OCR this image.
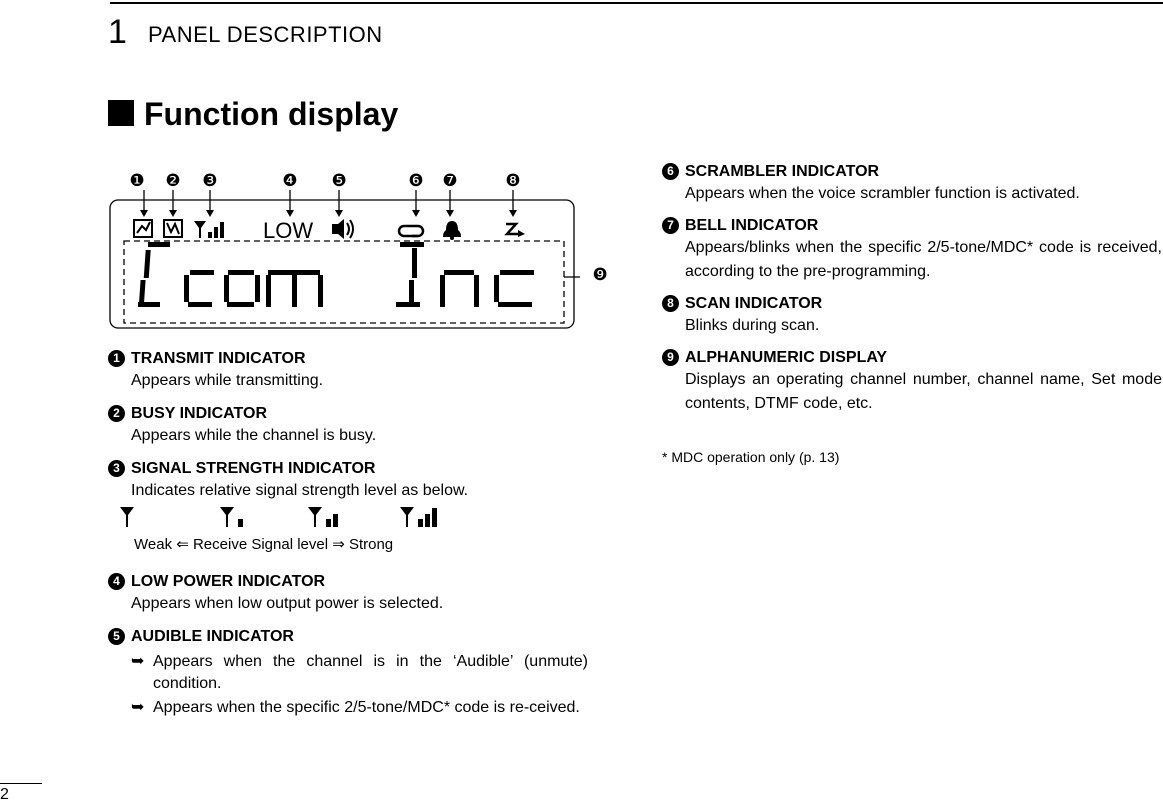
1 PANEL DESCRIPTION
Function display
❶ ❷ ❸	❹ ❺	❻ ❼	❽
❾
LOW
1 TRANSMIT INDICATOR
Appears while transmitting.
2 BUSY INDICATOR
Appears while the channel is busy.
3 SIGNAL STRENGTH INDICATOR
Indicates relative signal strength level as below.
Weak ⇐ Receive Signal level ⇒ Strong
4 LOW POWER INDICATOR
Appears when low output power is selected.
5 AUDIBLE INDICATOR
➥ Appears when the channel is in the ‘Audible’ (unmute) condition.
➥ Appears when the specific 2/5-tone/MDC* code is re-ceived.
6 SCRAMBLER INDICATOR
Appears when the voice scrambler function is activated.
7 BELL INDICATOR
Appears/blinks when the specific 2/5-tone/MDC* code is received, according to the pre-programming.
8 SCAN INDICATOR
Blinks during scan.
9 ALPHANUMERIC DISPLAY
Displays an operating channel number, channel name, Set mode contents, DTMF code, etc.
* MDC operation only (p. 13)
2
